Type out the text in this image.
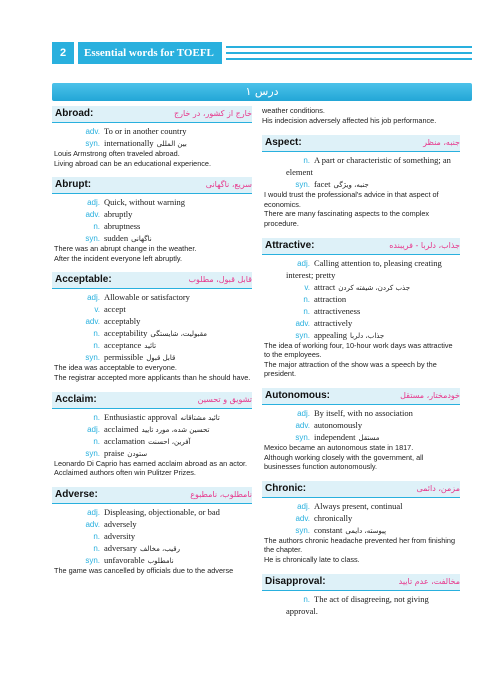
2	Essential words for TOEFL
درس ۱
Abroad:	خارج از کشور، در خارج
adv. To or in another country
syn. internationally بین المللی
Louis Armstrong often traveled abroad.
Living abroad can be an educational experience.
Abrupt:	سریع، ناگهانی
adj. Quick, without warning
adv. abruptly
n. abruptness
syn. sudden ناگهانی
There was an abrupt change in the weather.
After the incident everyone left abruptly.
Acceptable:	قابل قبول، مطلوب
adj. Allowable or satisfactory
v. accept
adv. acceptably
n. acceptability مقبولیت، شایستگی
n. acceptance تائید
syn. permissible قابل قبول
The idea was acceptable to everyone.
The registrar accepted more applicants than he should have.
Acclaim:	تشویق و تحسین
n. Enthusiastic approval تائید مشتاقانه
adj. acclaimed تحسین شده، مورد تایید
n. acclamation آفرین، احسنت
syn. praise ستودن
Leonardo Di Caprio has earned acclaim abroad as an actor.
Acclaimed authors often win Pulitzer Prizes.
Adverse:	نامطلوب، نامطبوع
adj. Displeasing, objectionable, or bad
adv. adversely
n. adversity
n. adversary رقیب، مخالف
syn. unfavorable نامطلوب
The game was cancelled by officials due to the adverse
weather conditions.
His indecision adversely affected his job performance.
Aspect:	جنبه، منظر
n. A part or characteristic of something; an element
syn. facet جنبه، ویژگی
I would trust the professional's advice in that aspect of economics.
There are many fascinating aspects to the complex procedure.
Attractive:	جذاب، دلربا - فریبنده
adj. Calling attention to, pleasing creating interest; pretty
v. attract جذب کردن، شیفته کردن
n. attraction
n. attractiveness
adv. attractively
syn. appealing جذاب، دلربا
The idea of working four, 10-hour work days was attractive to the employees.
The major attraction of the show was a speech by the president.
Autonomous:	خودمختار، مستقل
adj. By itself, with no association
adv. autonomously
syn. independent مستقل
Mexico became an autonomous state in 1817.
Although working closely with the government, all businesses function autonomously.
Chronic:	مزمن، دائمی
adj. Always present, continual
adv. chronically
syn. constant پیوسته، دایمی
The authors chronic headache prevented her from finishing the chapter.
He is chronically late to class.
Disapproval:	مخالفت، عدم تایید
n. The act of disagreeing, not giving approval.
